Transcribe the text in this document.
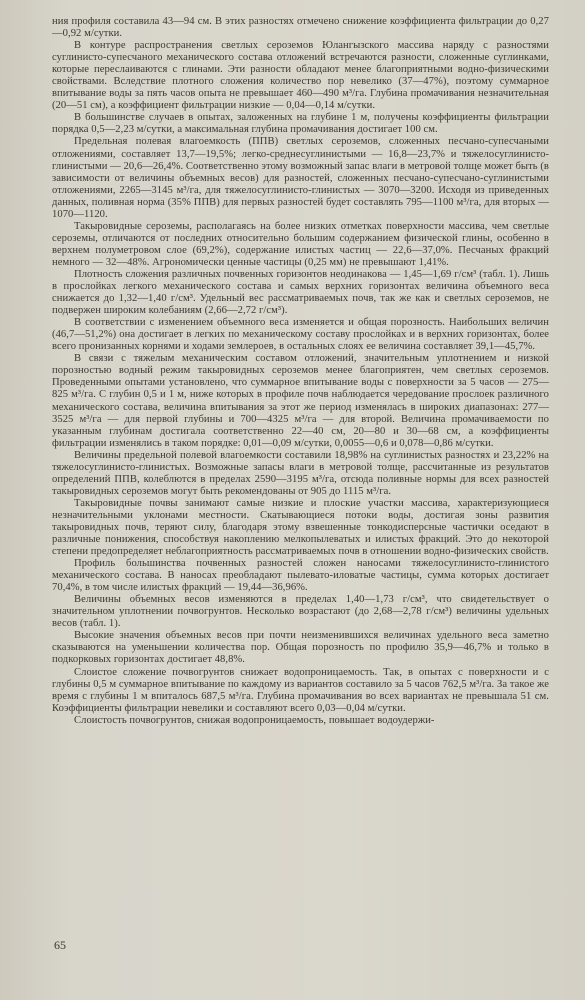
ния профиля составила 43—94 см. В этих разностях отмечено снижение коэффициента фильтрации до 0,27—0,92 м/сутки.

В контуре распространения светлых сероземов Юлангызского массива наряду с разностями суглинисто-супесчаного механического состава отложений встречаются разности, сложенные суглинками, которые переслаиваются с глинами. Эти разности обладают менее благоприятными водно-физическими свойствами. Вследствие плотного сложения количество пор невелико (37—47%), поэтому суммарное впитывание воды за пять часов опыта не превышает 460—490 м³/га. Глубина промачивания незначительная (20—51 см), а коэффициент фильтрации низкие — 0,04—0,14 м/сутки.

В большинстве случаев в опытах, заложенных на глубине 1 м, получены коэффициенты фильтрации порядка 0,5—2,23 м/сутки, а максимальная глубина промачивания достигает 100 см.

Предельная полевая влагоемкость (ППВ) светлых сероземов, сложенных песчано-супесчаными отложениями, составляет 13,7—19,5%; легко-среднесуглинистыми — 16,8—23,7% и тяжелосуглинисто-глинистыми — 20,6—26,4%. Соответственно этому возможный запас влаги в метровой толще может быть (в зависимости от величины объемных весов) для разностей, сложенных песчано-супесчано-суглинистыми отложениями, 2265—3145 м³/га, для тяжелосуглинисто-глинистых — 3070—3200. Исходя из приведенных данных, поливная норма (35% ППВ) для первых разностей будет составлять 795—1100 м³/га, для вторых — 1070—1120.

Такыровидные сероземы, располагаясь на более низких отметках поверхности массива, чем светлые сероземы, отличаются от последних относительно большим содержанием физической глины, особенно в верхнем полуметровом слое (69,2%), содержание илистых частиц — 22,6—37,0%. Песчаных фракций немного — 32—48%. Агрономически ценные частицы (0,25 мм) не превышают 1,41%.

Плотность сложения различных почвенных горизонтов неодинакова — 1,45—1,69 г/см³ (табл. 1). Лишь в прослойках легкого механического состава и самых верхних горизонтах величина объемного веса снижается до 1,32—1,40 г/см³. Удельный вес рассматриваемых почв, так же как и светлых сероземов, не подвержен широким колебаниям (2,66—2,72 г/см³).

В соответствии с изменением объемного веса изменяется и общая порозность. Наибольших величин (46,7—51,2%) она достигает в легких по механическому составу прослойках и в верхних горизонтах, более всего пронизанных корнями и ходами землероев, в остальных слоях ее величина составляет 39,1—45,7%.

В связи с тяжелым механическим составом отложений, значительным уплотнением и низкой порозностью водный режим такыровидных сероземов менее благоприятен, чем светлых сероземов. Проведенными опытами установлено, что суммарное впитывание воды с поверхности за 5 часов — 275—825 м³/га. С глубин 0,5 и 1 м, ниже которых в профиле почв наблюдается чередование прослоек различного механического состава, величина впитывания за этот же период изменялась в широких диапазонах: 277—3525 м³/га — для первой глубины и 700—4325 м³/га — для второй. Величина промачиваемости по указанным глубинам достигала соответственно 22—40 см, 20—80 и 30—68 см, а коэффициенты фильтрации изменялись в таком порядке: 0,01—0,09 м/сутки, 0,0055—0,6 и 0,078—0,86 м/сутки.

Величины предельной полевой влагоемкости составили 18,98% на суглинистых разностях и 23,22% на тяжелосуглинисто-глинистых. Возможные запасы влаги в метровой толще, рассчитанные из результатов определений ППВ, колеблются в пределах 2590—3195 м³/га, отсюда поливные нормы для всех разностей такыровидных сероземов могут быть рекомендованы от 905 до 1115 м³/га.

Такыровидные почвы занимают самые низкие и плоские участки массива, характеризующиеся незначительными уклонами местности. Скатывающиеся потоки воды, достигая зоны развития такыровидных почв, теряют силу, благодаря этому взвешенные тонкодисперсные частички оседают в различные понижения, способствуя накоплению мелкопылеватых и илистых фракций. Это до некоторой степени предопределяет неблагоприятность рассматриваемых почв в отношении водно-физических свойств.

Профиль большинства почвенных разностей сложен наносами тяжелосуглинисто-глинистого механического состава. В наносах преобладают пылевато-иловатые частицы, сумма которых достигает 70,4%, в том числе илистых фракций — 19,44—36,96%.

Величины объемных весов изменяются в пределах 1,40—1,73 г/см³, что свидетельствует о значительном уплотнении почвогрунтов. Несколько возрастают (до 2,68—2,78 г/см³) величины удельных весов (табл. 1).

Высокие значения объемных весов при почти неизменившихся величинах удельного веса заметно сказываются на уменьшении количества пор. Общая порозность по профилю 35,9—46,7% и только в подкорковых горизонтах достигает 48,8%.

Слоистое сложение почвогрунтов снижает водопроницаемость. Так, в опытах с поверхности и с глубины 0,5 м суммарное впитывание по каждому из вариантов составило за 5 часов 762,5 м³/га. За такое же время с глубины 1 м впиталось 687,5 м³/га. Глубина промачивания во всех вариантах не превышала 51 см. Коэффициенты фильтрации невелики и составляют всего 0,03—0,04 м/сутки.

Слоистость почвогрунтов, снижая водопроницаемость, повышает водоудержи-

65
